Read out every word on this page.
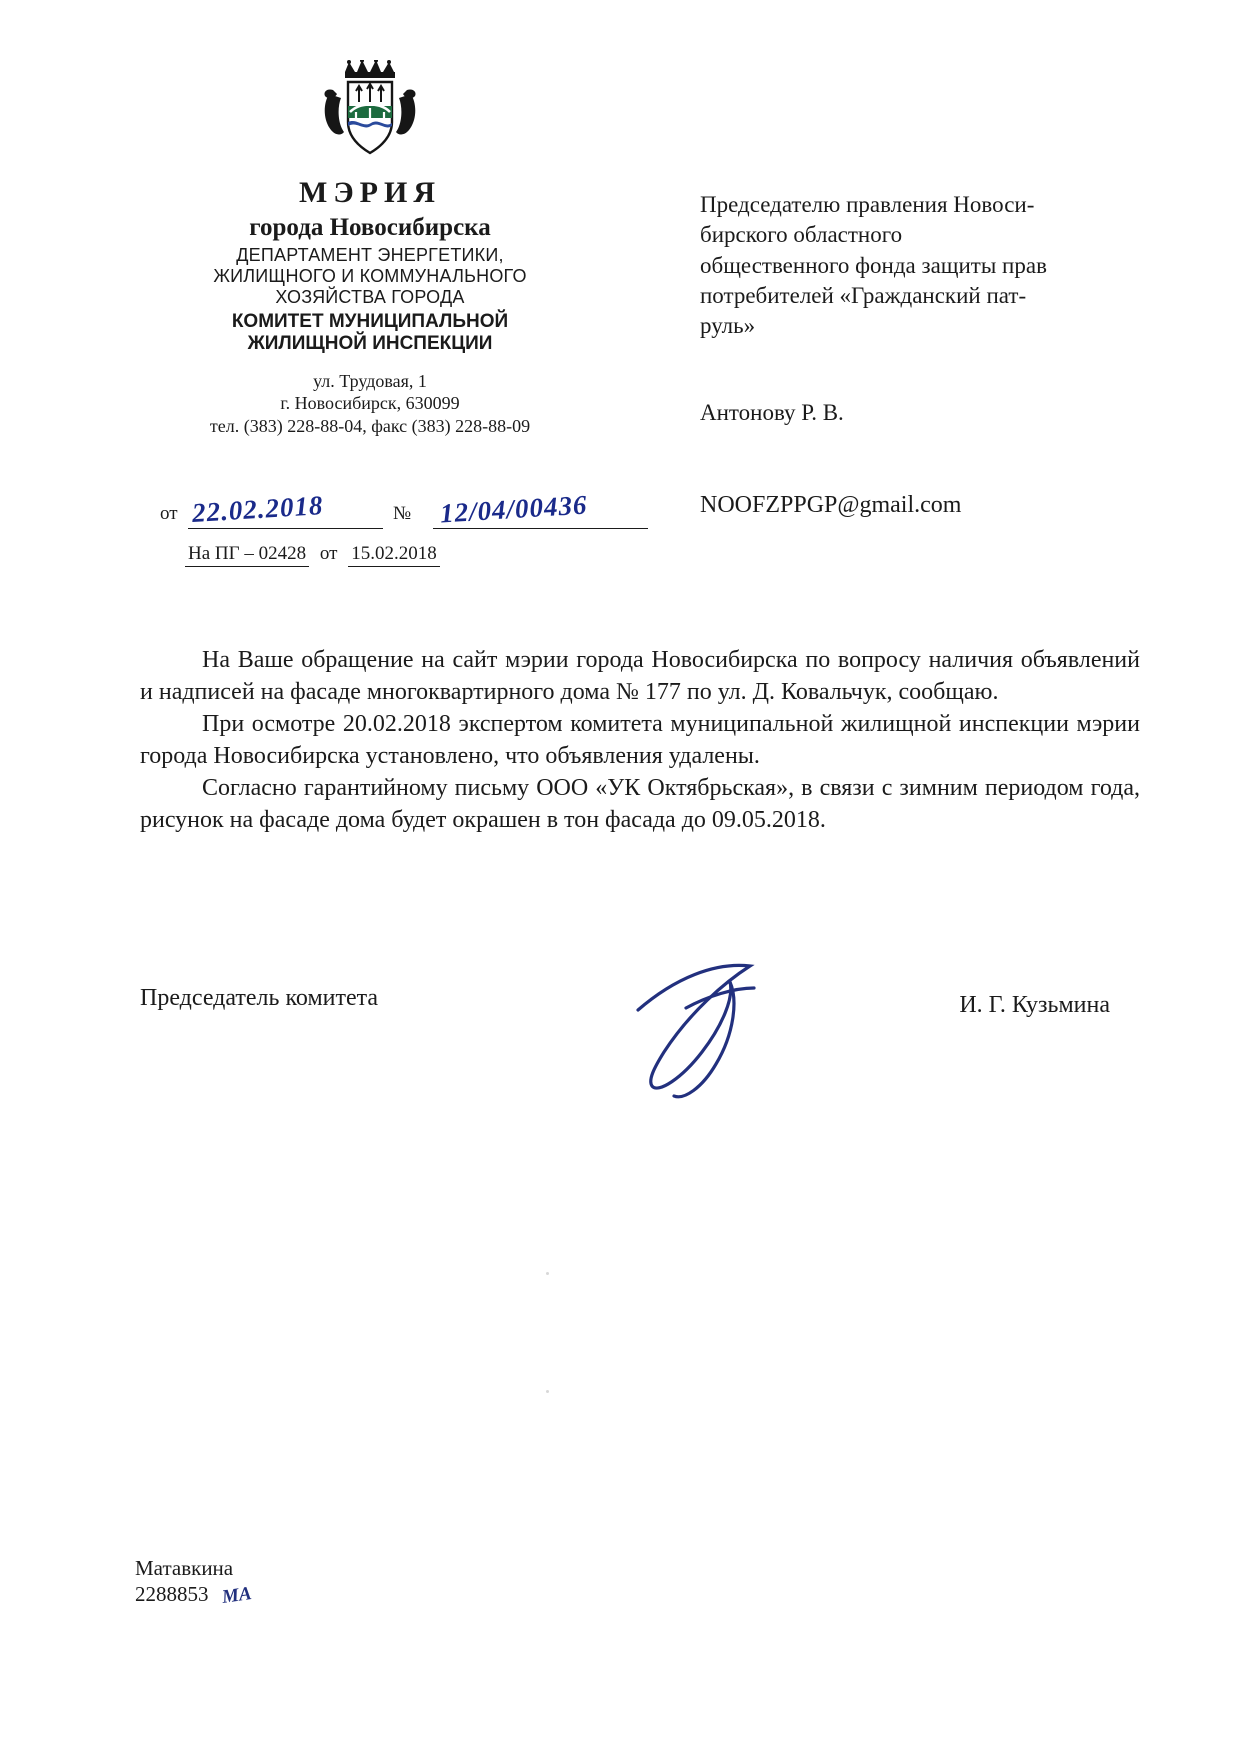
МЭРИЯ
города Новосибирска
ДЕПАРТАМЕНТ ЭНЕРГЕТИКИ,
ЖИЛИЩНОГО И КОММУНАЛЬНОГО
ХОЗЯЙСТВА ГОРОДА
КОМИТЕТ МУНИЦИПАЛЬНОЙ
ЖИЛИЩНОЙ ИНСПЕКЦИИ
ул. Трудовая, 1
г. Новосибирск, 630099
тел. (383) 228-88-04, факс (383) 228-88-09
от 22.02.2018	№ 12/04/00436
На ПГ – 02428 от 15.02.2018
Председателю правления Новоси-
бирского областного
общественного фонда защиты прав
потребителей «Гражданский пат-
руль»
Антонову Р. В.
NOOFZPPGP@gmail.com

На Ваше обращение на сайт мэрии города Новосибирска по вопросу наличия объявлений и надписей на фасаде многоквартирного дома № 177 по ул. Д. Ковальчук, сообщаю.

При осмотре 20.02.2018 экспертом комитета муниципальной жилищной инспекции мэрии города Новосибирска установлено, что объявления удалены.

Согласно гарантийному письму ООО «УК Октябрьская», в связи с зимним периодом года, рисунок на фасаде дома будет окрашен в тон фасада до 09.05.2018.

Председатель комитета	И. Г. Кузьмина
Матавкина
2288853 МА
